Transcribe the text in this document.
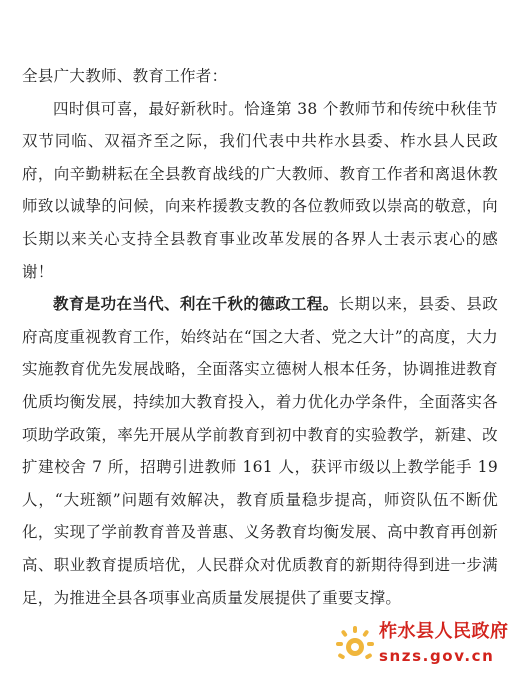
全县广大教师、教育工作者：

四时俱可喜，最好新秋时。恰逢第 38 个教师节和传统中秋佳节双节同临、双福齐至之际，我们代表中共柞水县委、柞水县人民政府，向辛勤耕耘在全县教育战线的广大教师、教育工作者和离退休教师致以诚挚的问候，向来柞援教支教的各位教师致以崇高的敬意，向长期以来关心支持全县教育事业改革发展的各界人士表示衷心的感谢！

教育是功在当代、利在千秋的德政工程。长期以来，县委、县政府高度重视教育工作，始终站在“国之大者、党之大计”的高度，大力实施教育优先发展战略，全面落实立德树人根本任务，协调推进教育优质均衡发展，持续加大教育投入，着力优化办学条件，全面落实各项助学政策，率先开展从学前教育到初中教育的实验教学，新建、改扩建校舍 7 所，招聘引进教师 161 人，获评市级以上教学能手 19 人，“大班额”问题有效解决，教育质量稳步提高，师资队伍不断优化，实现了学前教育普及普惠、义务教育均衡发展、高中教育再创新高、职业教育提质培优，人民群众对优质教育的新期待得到进一步满足，为推进全县各项事业高质量发展提供了重要支撑。

柞水县人民政府
snzs.gov.cn
